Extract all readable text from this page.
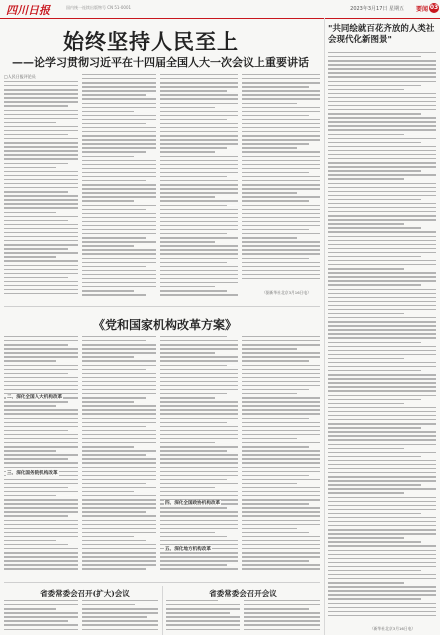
四川日报	国内统一连续出版物号 CN 51-0001	2023年3月17日 星期五 要闻 03
始终坚持人民至上
——论学习贯彻习近平在十四届全国人大一次会议上重要讲话
□人民日报评论员
（据新华社北京3月16日电）
《党和国家机构改革方案》
省委常委会召开(扩大)会议	省委常委会召开会议
"共同绘就百花齐放的人类社会现代化新图景"
（新华社北京3月16日电）
二、深化全国人大机构改革
三、深化国务院机构改革
四、深化全国政协机构改革
五、深化地方机构改革
